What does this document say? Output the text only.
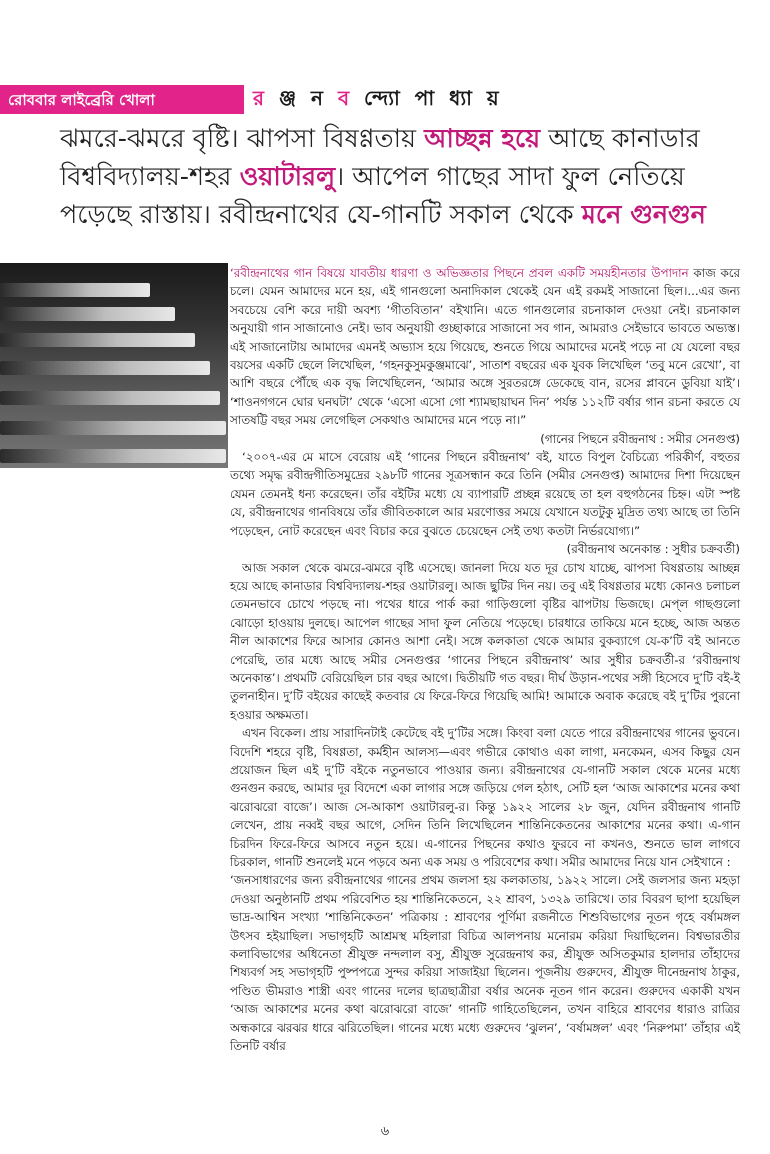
রোববার লাইব্রেরি খোলা	র ঞ্জ ন ব ন্দ্যো পা ধ্যা য়
ঝমরে-ঝমরে বৃষ্টি। ঝাপসা বিষণ্ণতায় আচ্ছন্ন হয়ে আছে কানাডার বিশ্ববিদ্যালয়-শহর ওয়াটারলু। আপেল গাছের সাদা ফুল নেতিয়ে পড়েছে রাস্তায়। রবীন্দ্রনাথের যে-গানটি সকাল থেকে মনে গুনগুন

‘রবীন্দ্রনাথের গান বিষয়ে যাবতীয় ধারণা ও অভিজ্ঞতার পিছনে প্রবল একটি সময়হীনতার উপাদান কাজ করে চলে। যেমন আমাদের মনে হয়, এই গানগুলো অনাদিকাল থেকেই যেন এই রকমই সাজানো ছিল।...এর জন্য সবচেয়ে বেশি করে দায়ী অবশ্য ‘গীতবিতান’ বইখানি। এতে গানগুলোর রচনাকাল দেওয়া নেই। রচনাকাল অনুযায়ী গান সাজানোও নেই। ভাব অনুযায়ী গুচ্ছাকারে সাজানো সব গান, আমরাও সেইভাবে ভাবতে অভ্যস্ত। এই সাজানোটায় আমাদের এমনই অভ্যাস হয়ে গিয়েছে, শুনতে গিয়ে আমাদের মনেই পড়ে না যে যেলো বছর বয়সের একটি ছেলে লিখেছিল, ‘গহনকুসুমকুঞ্জমাঝে’, সাতাশ বছরের এক যুবক লিখেছিল ‘তবু মনে রেখো’, বা আশি বছরে পৌঁছে এক বৃদ্ধ লিখেছিলেন, ‘আমার অঙ্গে সুরতরঙ্গে ডেকেছে বান, রসের প্লাবনে ডুবিয়া যাই’। ‘শাওনগগনে ঘোর ঘনঘটা’ থেকে ‘এসো এসো গো শ্যামছায়াঘন দিন’ পর্যন্ত ১১২টি বর্ষার গান রচনা করতে যে সাতষট্টি বছর সময় লেগেছিল সেকথাও আমাদের মনে পড়ে না।”

(গানের পিছনে রবীন্দ্রনাথ : সমীর সেনগুপ্ত)

‘২০০৭-এর মে মাসে বেরোয় এই ‘গানের পিছনে রবীন্দ্রনাথ’ বই, যাতে বিপুল বৈচিত্র্যে পরিকীর্ণ, বহুতর তথ্যে সমৃদ্ধ রবীন্দ্রগীতিসমুদ্রের ২৯৮টি গানের সূত্রসন্ধান করে তিনি (সমীর সেনগুপ্ত) আমাদের দিশা দিয়েছেন যেমন তেমনই ধন্য করেছেন। তাঁর বইটির মধ্যে যে ব্যাপারটি প্রচ্ছন্ন রয়েছে তা হল বহুগঠনের চিহ্ন। এটা স্পষ্ট যে, রবীন্দ্রনাথের গানবিষয়ে তাঁর জীবিতকালে আর মরণোত্তর সময়ে যেখানে যতটুকু মুদ্রিত তথ্য আছে তা তিনি পড়েছেন, নোট করেছেন এবং বিচার করে বুঝতে চেয়েছেন সেই তথ্য কতটা নির্ভরযোগ্য।”

(রবীন্দ্রনাথ অনেকান্ত : সুধীর চক্রবর্তী)

আজ সকাল থেকে ঝমরে-ঝমরে বৃষ্টি এসেছে। জানলা দিয়ে যত দূর চোখ যাচ্ছে, ঝাপসা বিষণ্ণতায় আচ্ছন্ন হয়ে আছে কানাডার বিশ্ববিদ্যালয়-শহর ওয়াটারলু। আজ ছুটির দিন নয়। তবু এই বিষণ্ণতার মধ্যে কোনও চলাচল তেমনভাবে চোখে পড়ছে না। পথের ধারে পার্ক করা গাড়িগুলো বৃষ্টির ঝাপটায় ভিজছে। মেপ্‌ল গাছগুলো ঝোড়ো হাওয়ায় দুলছে। আপেল গাছের সাদা ফুল নেতিয়ে পড়েছে। চারধারে তাকিয়ে মনে হচ্ছে, আজ অন্তত নীল আকাশের ফিরে আসার কোনও আশা নেই। সঙ্গে কলকাতা থেকে আমার বুকব্যাগে যে-ক’টি বই আনতে পেরেছি, তার মধ্যে আছে সমীর সেনগুপ্তর ‘গানের পিছনে রবীন্দ্রনাথ’ আর সুধীর চক্রবর্তী-র ‘রবীন্দ্রনাথ অনেকান্ত’। প্রথমটি বেরিয়েছিল চার বছর আগে। দ্বিতীয়টি গত বছর। দীর্ঘ উড়ান-পথের সঙ্গী হিসেবে দু’টি বই-ই তুলনাহীন। দু’টি বইয়ের কাছেই কতবার যে ফিরে-ফিরে গিয়েছি আমি! আমাকে অবাক করেছে বই দু’টির পুরনো হওয়ার অক্ষমতা।

এখন বিকেল। প্রায় সারাদিনটাই কেটেছে বই দু’টির সঙ্গে। কিংবা বলা যেতে পারে রবীন্দ্রনাথের গানের ভুবনে। বিদেশি শহরে বৃষ্টি, বিষণ্ণতা, কর্মহীন আলস্য—এবং গভীরে কোথাও একা লাগা, মনকেমন, এসব কিছুর যেন প্রয়োজন ছিল এই দু’টি বইকে নতুনভাবে পাওয়ার জন্য। রবীন্দ্রনাথের যে-গানটি সকাল থেকে মনের মধ্যে গুনগুন করছে, আমার দূর বিদেশে একা লাগার সঙ্গে জড়িয়ে গেল হঠাৎ, সেটি হল ‘আজ আকাশের মনের কথা ঝরোঝরো বাজে’। আজ সে-আকাশ ওয়াটারলু-র। কিন্তু ১৯২২ সালের ২৮ জুন, যেদিন রবীন্দ্রনাথ গানটি লেখেন, প্রায় নব্বই বছর আগে, সেদিন তিনি লিখেছিলেন শান্তিনিকেতনের আকাশের মনের কথা। এ-গান চিরদিন ফিরে-ফিরে আসবে নতুন হয়ে। এ-গানের পিছনের কথাও ফুরবে না কখনও, শুনতে ভাল লাগবে চিরকাল, গানটি শুনলেই মনে পড়বে অন্য এক সময় ও পরিবেশের কথা। সমীর আমাদের নিয়ে যান সেইখানে :

‘জনসাধারণের জন্য রবীন্দ্রনাথের গানের প্রথম জলসা হয় কলকাতায়, ১৯২২ সালে। সেই জলসার জন্য মহড়া দেওয়া অনুষ্ঠানটি প্রথম পরিবেশিত হয় শান্তিনিকেতনে, ২২ শ্রাবণ, ১৩২৯ তারিখে। তার বিবরণ ছাপা হয়েছিল ভাদ্র-আশ্বিন সংখ্যা ‘শান্তিনিকেতন’ পত্রিকায় : শ্রাবণের পূর্ণিমা রজনীতে শিশুবিভাগের নূতন গৃহে বর্ষামঙ্গল উৎসব হইয়াছিল। সভাগৃহটি আশ্রমস্থ মহিলারা বিচিত্র আলপনায় মনোরম করিয়া দিয়াছিলেন। বিশ্বভারতীর কলাবিভাগের অধিনেতা শ্রীযুক্ত নন্দলাল বসু, শ্রীযুক্ত সুরেন্দ্রনাথ কর, শ্রীযুক্ত অসিতকুমার হালদার তাঁহাদের শিষ্যবর্গ সহ সভাগৃহটি পুষ্পপত্রে সুন্দর করিয়া সাজাইয়া ছিলেন। পূজনীয় গুরুদেব, শ্রীযুক্ত দীনেন্দ্রনাথ ঠাকুর, পণ্ডিত ভীমরাও শাস্ত্রী এবং গানের দলের ছাত্রছাত্রীরা বর্ষার অনেক নূতন গান করেন। গুরুদেব একাকী যখন ‘আজ আকাশের মনের কথা ঝরোঝরো বাজে’ গানটি গাহিতেছিলেন, তখন বাহিরে শ্রাবণের ধারাও রাত্রির অন্ধকারে ঝরঝর ধারে ঝরিতেছিল। গানের মধ্যে মধ্যে গুরুদেব ‘ঝুলন’, ‘বর্ষামঙ্গল’ এবং ‘নিরুপমা’ তাঁহার এই তিনটি বর্ষার

৬
